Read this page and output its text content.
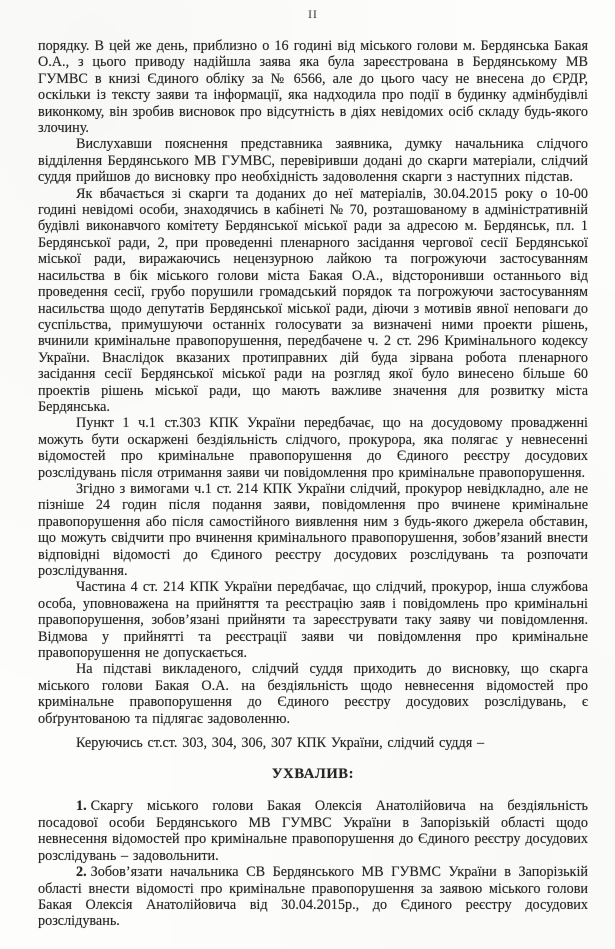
ІІ

порядку. В цей же день, приблизно о 16 годині від міського голови м. Бердянська Бакая О.А., з цього приводу надійшла заява яка була зареєстрована в Бердянському МВ ГУМВС в книзі Єдиного обліку за № 6566, але до цього часу не внесена до ЄРДР, оскільки із тексту заяви та інформації, яка надходила про події в будинку адмінбудівлі виконкому, він зробив висновок про відсутність в діях невідомих осіб складу будь-якого злочину.

Вислухавши пояснення представника заявника, думку начальника слідчого відділення Бердянського МВ ГУМВС, перевіривши додані до скарги матеріали, слідчий суддя прийшов до висновку про необхідність задоволення скарги з наступних підстав.

Як вбачається зі скарги та доданих до неї матеріалів, 30.04.2015 року о 10-00 годині невідомі особи, знаходячись в кабінеті № 70, розташованому в адміністративній будівлі виконавчого комітету Бердянської міської ради за адресою м. Бердянськ, пл. 1 Бердянської ради, 2, при проведенні пленарного засідання чергової сесії Бердянської міської ради, виражаючись нецензурною лайкою та погрожуючи застосуванням насильства в бік міського голови міста Бакая О.А., відсторонивши останнього від проведення сесії, грубо порушили громадський порядок та погрожуючи застосуванням насильства щодо депутатів Бердянської міської ради, діючи з мотивів явної неповаги до суспільства, примушуючи останніх голосувати за визначені ними проекти рішень, вчинили кримінальне правопорушення, передбачене ч. 2 ст. 296 Кримінального кодексу України. Внаслідок вказаних протиправних дій буда зірвана робота пленарного засідання сесії Бердянської міської ради на розгляд якої було винесено більше 60 проектів рішень міської ради, що мають важливе значення для розвитку міста Бердянська.

Пункт 1 ч.1 ст.303 КПК України передбачає, що на досудовому провадженні можуть бути оскаржені бездіяльність слідчого, прокурора, яка полягає у невнесенні відомостей про кримінальне правопорушення до Єдиного реєстру досудових розслідувань після отримання заяви чи повідомлення про кримінальне правопорушення.

Згідно з вимогами ч.1 ст. 214 КПК України слідчий, прокурор невідкладно, але не пізніше 24 годин після подання заяви, повідомлення про вчинене кримінальне правопорушення або після самостійного виявлення ним з будь-якого джерела обставин, що можуть свідчити про вчинення кримінального правопорушення, зобов’язаний внести відповідні відомості до Єдиного реєстру досудових розслідувань та розпочати розслідування.

Частина 4 ст. 214 КПК України передбачає, що слідчий, прокурор, інша службова особа, уповноважена на прийняття та реєстрацію заяв і повідомлень про кримінальні правопорушення, зобов’язані прийняти та зареєструвати таку заяву чи повідомлення. Відмова у прийнятті та реєстрації заяви чи повідомлення про кримінальне правопорушення не допускається.

На підставі викладеного, слідчий суддя приходить до висновку, що скарга міського голови Бакая О.А. на бездіяльність щодо невнесення відомостей про кримінальне правопорушення до Єдиного реєстру досудових розслідувань, є обґрунтованою та підлягає задоволенню.

Керуючись ст.ст. 303, 304, 306, 307 КПК України, слідчий суддя –

УХВАЛИВ:

1. Скаргу міського голови Бакая Олексія Анатолійовича на бездіяльність посадової особи Бердянського МВ ГУМВС України в Запорізькій області щодо невнесення відомостей про кримінальне правопорушення до Єдиного реєстру досудових розслідувань – задовольнити.

2. Зобов’язати начальника СВ Бердянського МВ ГУВМС України в Запорізькій області внести відомості про кримінальне правопорушення за заявою міського голови Бакая Олексія Анатолійовича від 30.04.2015р., до Єдиного реєстру досудових розслідувань.
